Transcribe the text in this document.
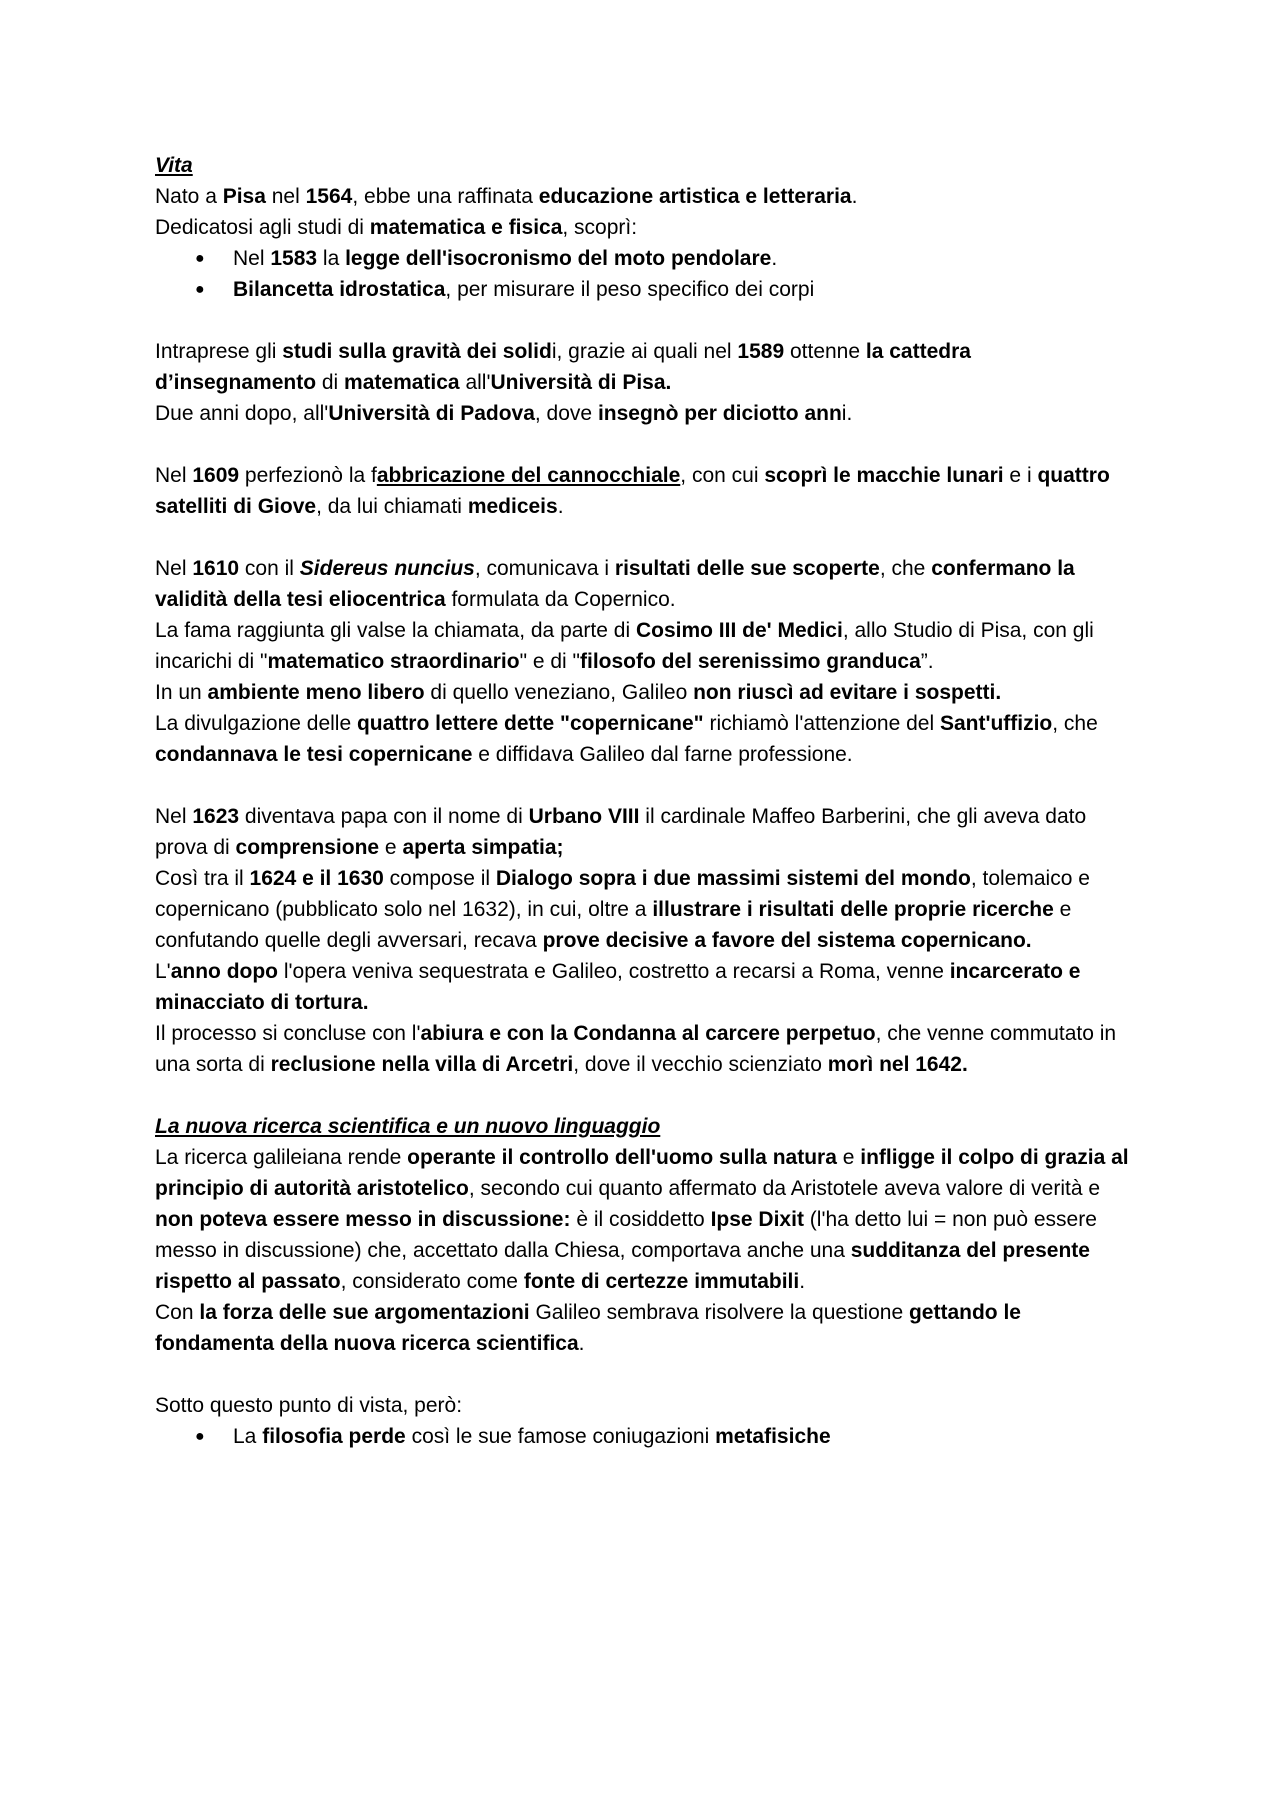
Vita

Nato a Pisa nel 1564, ebbe una raffinata educazione artistica e letteraria.

Dedicatosi agli studi di matematica e fisica, scoprì:

● Nel 1583 la legge dell'isocronismo del moto pendolare.
● Bilancetta idrostatica, per misurare il peso specifico dei corpi

Intraprese gli studi sulla gravità dei solidi, grazie ai quali nel 1589 ottenne la cattedra d’insegnamento di matematica all'Università di Pisa.

Due anni dopo, all'Università di Padova, dove insegnò per diciotto anni.

Nel 1609 perfezionò la fabbricazione del cannocchiale, con cui scoprì le macchie lunari e i quattro satelliti di Giove, da lui chiamati mediceis.

Nel 1610 con il Sidereus nuncius, comunicava i risultati delle sue scoperte, che confermano la validità della tesi eliocentrica formulata da Copernico.

La fama raggiunta gli valse la chiamata, da parte di Cosimo III de' Medici, allo Studio di Pisa, con gli incarichi di "matematico straordinario" e di "filosofo del serenissimo granduca”.

In un ambiente meno libero di quello veneziano, Galileo non riuscì ad evitare i sospetti.

La divulgazione delle quattro lettere dette "copernicane" richiamò l'attenzione del Sant'uffizio, che condannava le tesi copernicane e diffidava Galileo dal farne professione.

Nel 1623 diventava papa con il nome di Urbano VIII il cardinale Maffeo Barberini, che gli aveva dato prova di comprensione e aperta simpatia;

Così tra il 1624 e il 1630 compose il Dialogo sopra i due massimi sistemi del mondo, tolemaico e copernicano (pubblicato solo nel 1632), in cui, oltre a illustrare i risultati delle proprie ricerche e confutando quelle degli avversari, recava prove decisive a favore del sistema copernicano.

L'anno dopo l'opera veniva sequestrata e Galileo, costretto a recarsi a Roma, venne incarcerato e minacciato di tortura.

Il processo si concluse con l'abiura e con la Condanna al carcere perpetuo, che venne commutato in una sorta di reclusione nella villa di Arcetri, dove il vecchio scienziato morì nel 1642.

La nuova ricerca scientifica e un nuovo linguaggio

La ricerca galileiana rende operante il controllo dell'uomo sulla natura e infligge il colpo di grazia al principio di autorità aristotelico, secondo cui quanto affermato da Aristotele aveva valore di verità e non poteva essere messo in discussione: è il cosiddetto Ipse Dixit (l'ha detto lui = non può essere messo in discussione) che, accettato dalla Chiesa, comportava anche una sudditanza del presente rispetto al passato, considerato come fonte di certezze immutabili.

Con la forza delle sue argomentazioni Galileo sembrava risolvere la questione gettando le fondamenta della nuova ricerca scientifica.

Sotto questo punto di vista, però:

● La filosofia perde così le sue famose coniugazioni metafisiche
